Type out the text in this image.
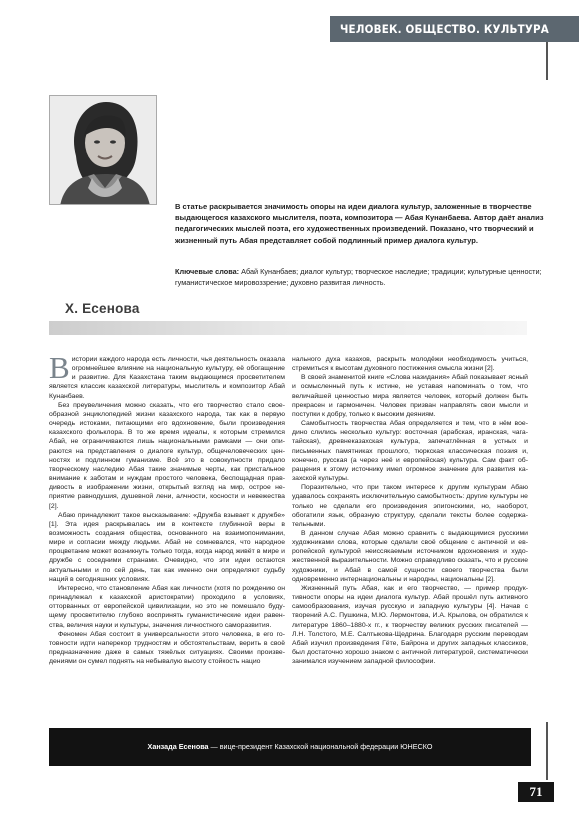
ЧЕЛОВЕК. ОБЩЕСТВО. КУЛЬТУРА
В статье раскрывается значимость опоры на идеи диалога культур, заложенные в творчестве выдающегося казахского мыслителя, поэта, композитора — Абая Кунанбаева. Автор даёт анализ педагогических мыслей поэта, его художественных произведений. Показано, что творческий и жизненный путь Абая представляет собой подлинный пример диалога культур.
Ключевые слова: Абай Кунанбаев; диалог культур; творческое наследие; традиции; культурные ценности; гуманистическое мировоззрение; духовно развитая личность.
Х. Есенова

Вистории каждого народа есть личности, чья деятельность оказала огромнейшее влияние на национальную культуру, её обогащение и развитие. Для Казахстана таким выдающимся просветителем является классик казахской литературы, мыслитель и композитор Абай Кунанбаев.

Без преувеличения можно сказать, что его творчество стало своеобразной энциклопедией жизни казахского народа, так как в первую очередь истоками, питающими его вдохновение, были произведения казахского фольклора. В то же время идеалы, к которым стремился Абай, не ограничиваются лишь национальными рамками — они опираются на представления о диалоге культур, общечеловеческих ценностях и подлинном гуманизме. Всё это в совокупности придало творческому наследию Абая такие значимые черты, как пристальное внимание к заботам и нуждам простого человека, беспощадная правдивость в изображении жизни, открытый взгляд на мир, острое неприятие равнодушия, душевной лени, алчности, косности и невежества [2].

Абаю принадлежит такое высказывание: «Дружба взывает к дружбе» [1]. Эта идея раскрывалась им в контексте глубинной веры в возможность создания общества, основанного на взаимопонимании, мире и согласии между людьми. Абай не сомневался, что народное процветание может возникнуть только тогда, когда народ живёт в мире и дружбе с соседними странами. Очевидно, что эти идеи остаются актуальными и по сей день, так как именно они определяют судьбу наций в сегодняшних условиях.

Интересно, что становление Абая как личности (хотя по рождению он принадлежал к казахской аристократии) проходило в условиях, отторванных от европейской цивилизации, но это не помешало будущему просветителю глубоко воспринять гуманистические идеи равенства, величия науки и культуры, значения личностного саморазвития.

Феномен Абая состоит в универсальности этого человека, в его готовности идти наперекор трудностям и обстоятельствам, верить в своё предназначение даже в самых тяжёлых ситуациях. Своими произведениями он сумел поднять на небывалую высоту стойкость нацио

нального духа казахов, раскрыть молодёжи необходимость учиться, стремиться к высотам духовного постижения смысла жизни [2].

В своей знаменитой книге «Слова назидания» Абай показывает ясный и осмысленный путь к истине, не уставая напоминать о том, что величайшей ценностью мира является человек, который должен быть прекрасен и гармоничен. Человек призван направлять свои мысли и поступки к добру, только к высоким деяниям.

Самобытность творчества Абая определяется и тем, что в нём воедино слились несколько культур: восточная (арабская, иранская, чагатайская), древнеказахская культура, запечатлённая в устных и письменных памятниках прошлого, тюркская классическая поэзия и, конечно, русская (а через неё и европейская) культура. Сам факт обращения к этому источнику имел огромное значение для развития казахской культуры.

Поразительно, что при таком интересе к другим культурам Абаю удавалось сохранять исключительную самобытность: другие культуры не только не сделали его произведения эпигонскими, но, наоборот, обогатили язык, образную структуру, сделали тексты более содержательными.

В данном случае Абая можно сравнить с выдающимися русскими художниками слова, которые сделали своё общение с античной и европейской культурой неиссякаемым источником вдохновения и художественной выразительности. Можно справедливо сказать, что и русские художники, и Абай в самой сущности своего творчества были одновременно интернациональны и народны, национальны [2].

Жизненный путь Абая, как и его творчество, — пример продуктивности опоры на идеи диалога культур. Абай прошёл путь активного самообразования, изучая русскую и западную культуры [4]. Начав с творений А.С. Пушкина, М.Ю. Лермонтова, И.А. Крылова, он обратился к литературе 1860–1880-х гг., к творчеству великих русских писателей — Л.Н. Толстого, М.Е. Салтыкова-Щедрина. Благодаря русским переводам Абай изучил произведения Гёте, Байрона и других западных классиков, был достаточно хорошо знаком с античной литературой, систематически занимался изучением западной философии.

Ханзада Есенова — вице-президент Казахской национальной федерации ЮНЕСКО
71
